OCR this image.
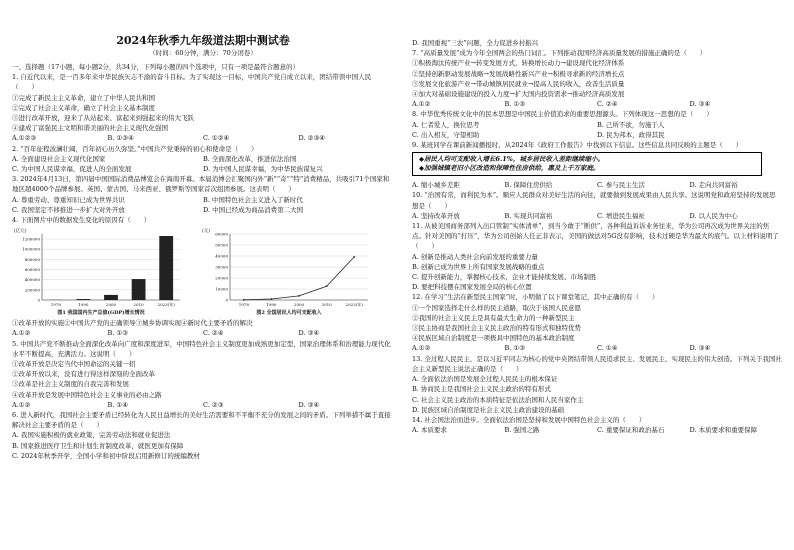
2024年秋季九年级道法期中测试卷
（时间：60分钟，满分：70分闭卷）

一、选择题（17小题，每小题2分，共34分，下列每小题的四个选项中，只有一项是最符合题意的）

1. 自近代以来，是一百多年来中华民族矢志不渝的奋斗目标。为了实现这一目标，中国共产党自成立以来，团结带领中国人民（　　）

①完成了新民主主义革命，建立了中华人民共和国

②完成了社会主义革命，确立了社会主义基本制度

③进行改革开放，迎来了从站起来、富起来到强起来的伟大飞跃

④建成了富强民主文明和谐美丽的社会主义现代化强国

A.①②③	B. ①③④	C. ①②④	D. ②③④

2. “百年征程波澜壮阔，百年初心历久弥坚。”中国共产党秉持的初心和使命是（　　）

A. 全面建设社会主义现代化国家	B. 全面深化改革，推进依法治国
C. 为中国人民谋幸福，促进人的全面发展	D. 为中国人民谋幸福，为中华民族谋复兴

3. 2024年4月13日，第四届中国国际消费品博览会在海南开幕。本届消博会汇聚国内外“新”“奇”“特”消费精品，共吸引71个国家和地区超4000个品牌参展。英国、蒙古国、马来西亚、俄罗斯等国家首次组团参展。这表明（　　）

A. 尊重劳动、尊重知识已成为世界共识	B. 中国特色社会主义进入了新时代
C. 我国坚定不移推进一步扩大对外开放	D. 中国已经成为商品消费第二大国

4. 下面图片中的数据发生变化的原因有（　　）

(亿元)
0
200000
400000
600000
800000
1000000
1200000
1978	1990	2000	2010	2023(年)
图1 我国国内生产总值(GDP)增长情况
(元)
0
10000
20000
30000
40000
50000
60000
1978	1990	2000	2010	2023(年)
图2 全国居民人均可支配收入

①改革开放的实施②中国共产党的正确领导③城乡协调实现④新时代主要矛盾的解决

A.①②	B. ①③	C. ②④	D. ③④

5. 中国共产党不断推动全面深化改革向广度和深度进军，中国特色社会主义制度更加成熟更加定型，国家治理体系和治理能力现代化水平不断提高，充满活力。这说明（　　）

①改革开放是决定当代中国命运的关键一招

②改革开放以来，没有进行得这样深刻的全面改革

③改革是社会主义制度的自我完善和发展

④改革开放是发展中国特色社会主义事业的必由之路

A.①②	B. ①④	C. ②③	D. ③④

6. 进入新时代，我国社会主要矛盾已经转化为人民日益增长的美好生活需要和不平衡不充分的发展之间的矛盾。下列举措不属于直接解决社会主要矛盾的是（　　）

A. 我国实施积极的就业政策，完善劳动法和就业促进法

B. 国家推进医疗卫生和计划生育制度改革，就医更加有保障

C. 2024年秋季开学，全国小学和初中阶段启用新修订的统编教材

D. 我国重视“三农”问题，全力促进乡村振兴

7. “高质量发展”成为今年全国两会的热门词汇。下列推动我国经济高质量发展的措施正确的是（　　）

①积极淘汰传统产业→转变发展方式，转换增长动力→建设现代化经济体系

②坚持创新驱动发展战略→发展战略性新兴产业→积极寻求新的经济增长点

③发展文化旅游产业→带动城镇居民就业→提高人民的收入，改善生活质量

④加大对基础设施建设的投入力度→扩大国内投资需求→推动经济高质发展

A.①②	B. ①③	C. ②④	D. ③④

8. 中华优秀传统文化中的民本思想是中国民主价值追求的重要思想源头。下列体现这一思想的是（　　）

A. 仁者爱人，换位思考	B. 己所不欲，勿施于人
C. 出入相友，守望相助	D. 民为邦本，政得其民

9. 某班同学在课前新闻播报时，从2024年《政府工作报告》中找到以下信息。这些信息共同反映的主题是（　　）

◆居民人均可支配收入增长6.1%，城乡居民收入差距继续缩小。
◆加强城镇老旧小区改造和保障性住房供给，惠及上千万家庭。
A. 缩小城乡差距	B. 保障住房供给	C. 参与民主生活	D. 走向共同富裕

10. “治国有常，而利民为本”。顺应人民群众对美好生活的向往，就要做到发展成果由人民共享。这说明党和政府坚持的发展思想是（　　）

A. 坚持改革开放	B. 实现共同富裕	C. 增进民生福祉	D. 以人民为中心

11. 从被美国商务部列入出口管制“实体清单”，到当今敢于“断供”，各种利益诉诉业务往来，华为公司再次成为世界关注的焦点。针对美国的“打压”，华为公司创始人任正非表示，美国的做法对5G没有影响，技术过硬是华为最大的底气。以上材料说明了（　　）

A. 创新是推动人类社会向前发展的重要力量

B. 创新已成为世界上所有国家发展战略的重点

C. 提升创新能力，掌握核心技术，企业才能持续发展、市场制胜

D. 要把科技摆在国家发展全局的核心位置

12. 在学习“生活在新型民主国家”时，小明做了以下课堂笔记，其中正确的有（　　）

①一个国家选择走什么样的民主道路，取决于该国人民意愿

②我国的社会主义民主是具有最大生命力的一种新型民主

③民主协商是我国社会主义民主政治的特有形式和独特优势

④民族区域自治制度是一项极具中国特色的基本政治制度

A.①②	B. ①③	C. ①④	D. ③④

13. 全过程人民民主，是以习近平同志为核心的党中央团结带领人民追求民主、发展民主、实现民主的伟大创造。下列关于我国社会主义新型民主说法正确的是（　　）

A. 全面依法治国是发展全过程人民民主的根本保证

B. 协商民主是我国社会主义民主政治的特有形式

C. 社会主义民主政治的本质特征是依法治国和人民当家作主

D. 民族区域自治制度是社会主义民主政治建设的基础

14. 社会国法治而进步。全面依法治国是坚持和发展中国特色社会主义的（　　）

A. 本质要求	B. 强国之路	C. 重要保证和政治基石	D. 本质要求和重要保障
